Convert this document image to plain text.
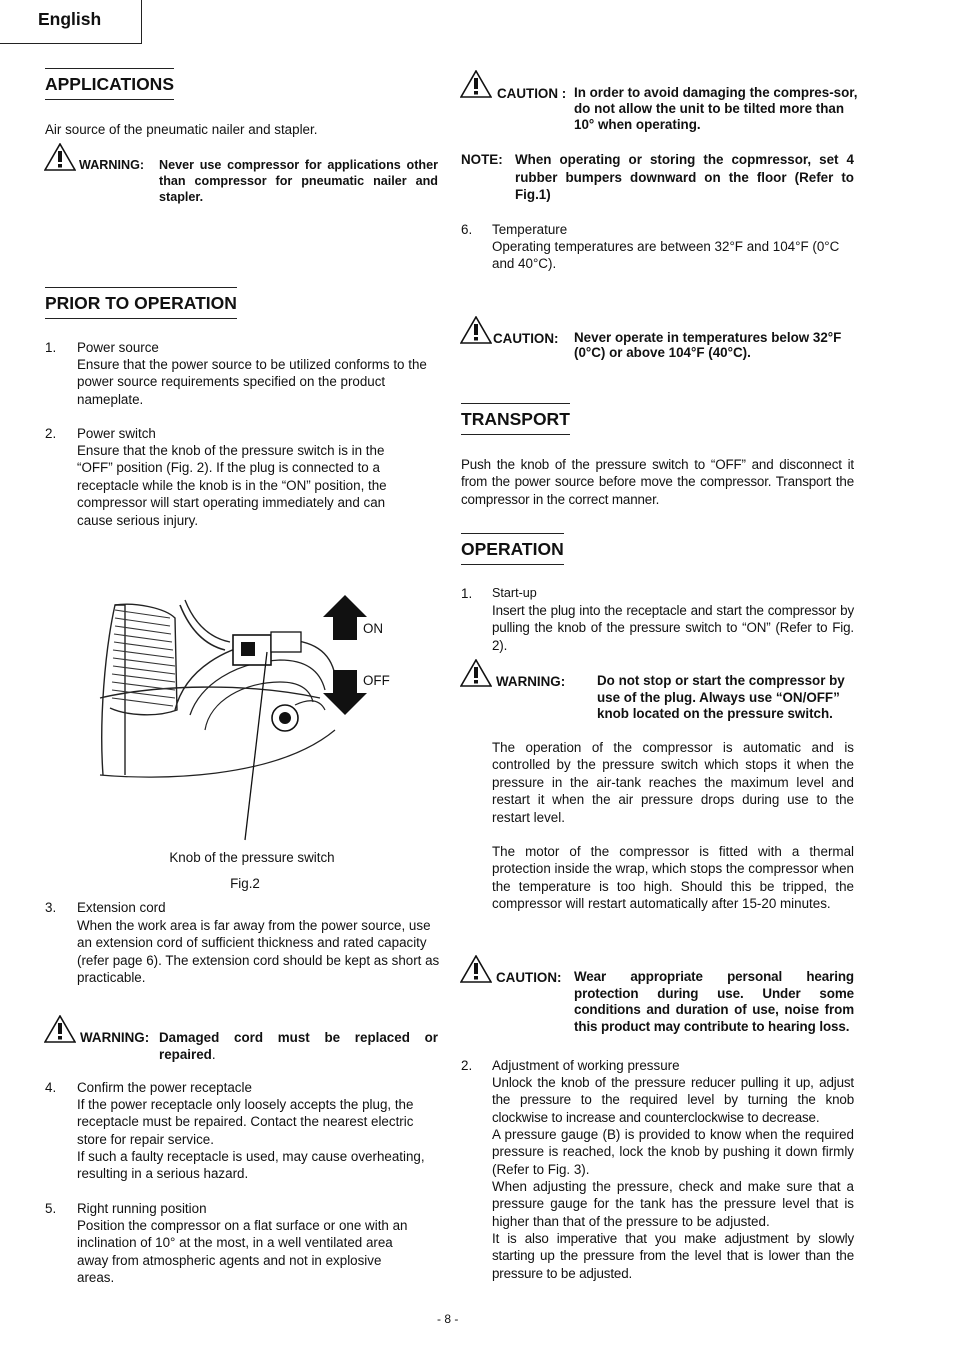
English
APPLICATIONS
Air source of the pneumatic nailer and stapler.
WARNING: Never use compressor for applications other than compressor for pneumatic nailer and stapler.
PRIOR TO OPERATION
1.	Power source
Ensure that the power source to be utilized conforms to the power source requirements specified on the product nameplate.
2.	Power switch
Ensure that the knob of the pressure switch is in the “OFF” position (Fig. 2). If the plug is connected to a receptacle while the knob is in the “ON” position, the compressor will start operating immediately and can cause serious injury.
ON
OFF
Knob of the pressure switch
Fig.2
3.	Extension cord
When the work area is far away from the power source, use an extension cord of sufficient thickness and rated capacity (refer page 6). The extension cord should be kept as short as practicable.
WARNING: Damaged cord must be replaced or repaired.
4.	Confirm the power receptacle
If the power receptacle only loosely accepts the plug, the receptacle must be repaired. Contact the nearest electric store for repair service.
If such a faulty receptacle is used, may cause overheating, resulting in a serious hazard.
5.	Right running position
Position the compressor on a flat surface or one with an inclination of 10° at the most, in a well ventilated area away from atmospheric agents and not in explosive areas.
CAUTION : In order to avoid damaging the compres-sor, do not allow the unit to be tilted more than 10° when operating.
NOTE: When operating or storing the copmressor, set 4 rubber bumpers downward on the floor (Refer to Fig.1)
6.	Temperature
Operating temperatures are between 32°F and 104°F (0°C and 40°C).
CAUTION: Never operate in temperatures below 32°F (0°C) or above 104°F (40°C).
TRANSPORT
Push the knob of the pressure switch to “OFF” and disconnect it from the power source before move the compressor. Transport the compressor in the correct manner.
OPERATION
1.	Start-up
Insert the plug into the receptacle and start the compressor by pulling the knob of the pressure switch to “ON” (Refer to Fig. 2).
WARNING: Do not stop or start the compressor by use of the plug. Always use “ON/OFF” knob located on the pressure switch.
The operation of the compressor is automatic and is controlled by the pressure switch which stops it when the pressure in the air-tank reaches the maximum level and restart it when the air pressure drops during use to the restart level.
The motor of the compressor is fitted with a thermal protection inside the wrap, which stops the compressor when the temperature is too high. Should this be tripped, the compressor will restart automatically after 15-20 minutes.
CAUTION: Wear appropriate personal hearing protection during use. Under some conditions and duration of use, noise from this product may contribute to hearing loss.
2.	Adjustment of working pressure
Unlock the knob of the pressure reducer pulling it up, adjust the pressure to the required level by turning the knob clockwise to increase and counterclockwise to decrease.
A pressure gauge (B) is provided to know when the required pressure is reached, lock the knob by pushing it down firmly (Refer to Fig. 3).
When adjusting the pressure, check and make sure that a pressure gauge for the tank has the pressure level that is higher than that of the pressure to be adjusted.
It is also imperative that you make adjustment by slowly starting up the pressure from the level that is lower than the pressure to be adjusted.
- 8 -
